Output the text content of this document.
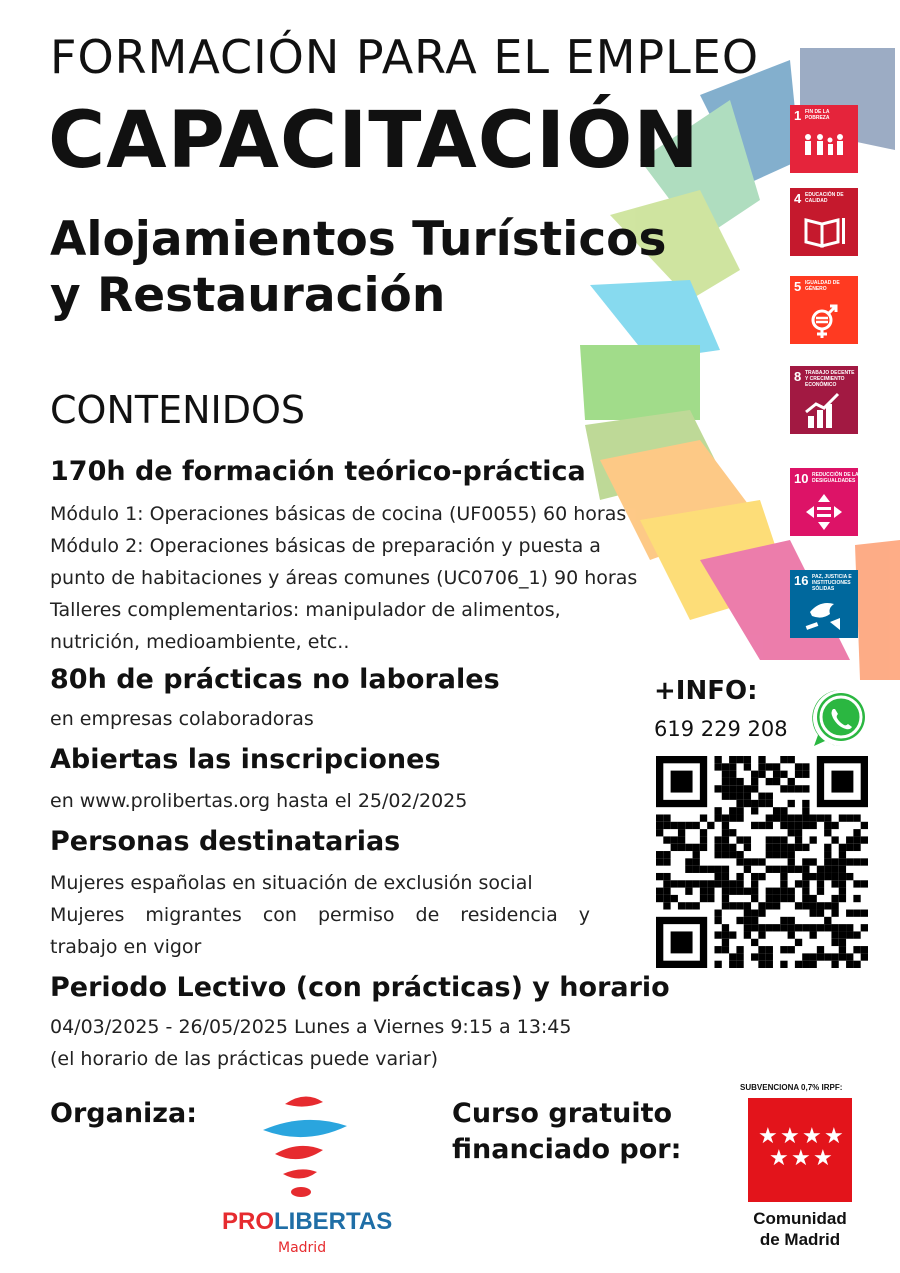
FORMACIÓN PARA EL EMPLEO
CAPACITACIÓN
Alojamientos Turísticos
y Restauración
CONTENIDOS
1 FIN DE LA POBREZA
4 EDUCACIÓN DE CALIDAD
5 IGUALDAD DE GÉNERO
8 TRABAJO DECENTE Y CRECIMIENTO ECONÓMICO
10 REDUCCIÓN DE LAS DESIGUALDADES
16 PAZ, JUSTICIA E INSTITUCIONES SÓLIDAS
170h de formación teórico-práctica
Módulo 1: Operaciones básicas de cocina (UF0055) 60 horas
Módulo 2: Operaciones básicas de preparación y puesta a
punto de habitaciones y áreas comunes (UC0706_1) 90 horas
Talleres complementarios: manipulador de alimentos,
nutrición, medioambiente, etc..
80h de prácticas no laborales
en empresas colaboradoras
Abiertas las inscripciones
en www.prolibertas.org hasta el 25/02/2025
Personas destinatarias
Mujeres españolas en situación de exclusión social
Mujeres migrantes con permiso de residencia y
trabajo en vigor
Periodo Lectivo (con prácticas) y horario
04/03/2025 - 26/05/2025 Lunes a Viernes 9:15 a 13:45
(el horario de las prácticas puede variar)
+INFO:
619 229 208
Organiza:
PROLIBERTAS
Madrid
Curso gratuito
financiado por:
SUBVENCIONA 0,7% IRPF:
★ ★ ★ ★
★ ★ ★
Comunidad
de Madrid
